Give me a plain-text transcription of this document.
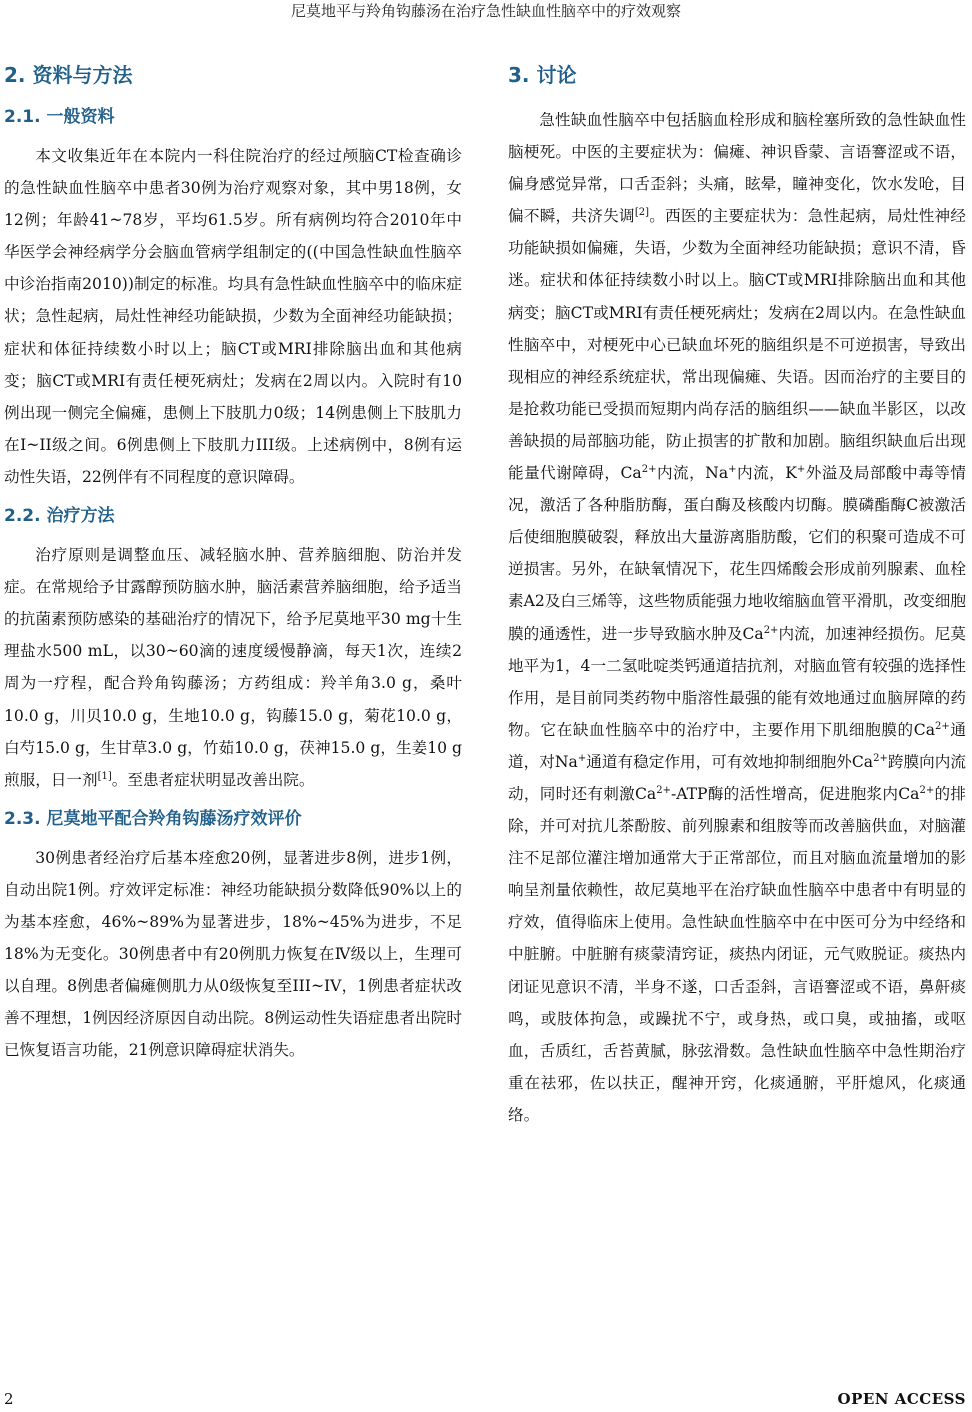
尼莫地平与羚角钩藤汤在治疗急性缺血性脑卒中的疗效观察
2. 资料与方法
2.1. 一般资料

本文收集近年在本院内一科住院治疗的经过颅脑CT检查确诊的急性缺血性脑卒中患者30例为治疗观察对象，其中男18例，女12例；年龄41~78岁，平均61.5岁。所有病例均符合2010年中华医学会神经病学分会脑血管病学组制定的((中国急性缺血性脑卒中诊治指南2010))制定的标准。均具有急性缺血性脑卒中的临床症状；急性起病，局灶性神经功能缺损，少数为全面神经功能缺损；症状和体征持续数小时以上；脑CT或MRI排除脑出血和其他病变；脑CT或MRI有责任梗死病灶；发病在2周以内。入院时有10例出现一侧完全偏瘫，患侧上下肢肌力0级；14例患侧上下肢肌力在I~II级之间。6例患侧上下肢肌力III级。上述病例中，8例有运动性失语，22例伴有不同程度的意识障碍。

2.2. 治疗方法

治疗原则是调整血压、减轻脑水肿、营养脑细胞、防治并发症。在常规给予甘露醇预防脑水肿，脑活素营养脑细胞，给予适当的抗菌素预防感染的基础治疗的情况下，给予尼莫地平30 mg十生理盐水500 mL，以30~60滴的速度缓慢静滴，每天1次，连续2周为一疗程，配合羚角钩藤汤；方药组成：羚羊角3.0 g，桑叶10.0 g，川贝10.0 g，生地10.0 g，钩藤15.0 g，菊花10.0 g，白芍15.0 g，生甘草3.0 g，竹茹10.0 g，茯神15.0 g，生姜10 g煎服，日一剂[1]。至患者症状明显改善出院。

2.3. 尼莫地平配合羚角钩藤汤疗效评价

30例患者经治疗后基本痊愈20例，显著进步8例，进步1例，自动出院1例。疗效评定标准：神经功能缺损分数降低90%以上的为基本痊愈，46%~89%为显著进步，18%~45%为进步，不足18%为无变化。30例患者中有20例肌力恢复在Ⅳ级以上，生理可以自理。8例患者偏瘫侧肌力从0级恢复至III~IV，1例患者症状改善不理想，1例因经济原因自动出院。8例运动性失语症患者出院时已恢复语言功能，21例意识障碍症状消失。

3. 讨论

急性缺血性脑卒中包括脑血栓形成和脑栓塞所致的急性缺血性脑梗死。中医的主要症状为：偏瘫、神识昏蒙、言语謇涩或不语，偏身感觉异常，口舌歪斜；头痛，眩晕，瞳神变化，饮水发呛，目偏不瞬，共济失调[2]。西医的主要症状为：急性起病，局灶性神经功能缺损如偏瘫，失语，少数为全面神经功能缺损；意识不清，昏迷。症状和体征持续数小时以上。脑CT或MRI排除脑出血和其他病变；脑CT或MRI有责任梗死病灶；发病在2周以内。在急性缺血性脑卒中，对梗死中心已缺血坏死的脑组织是不可逆损害，导致出现相应的神经系统症状，常出现偏瘫、失语。因而治疗的主要目的是抢救功能已受损而短期内尚存活的脑组织——缺血半影区，以改善缺损的局部脑功能，防止损害的扩散和加剧。脑组织缺血后出现能量代谢障碍，$Ca^{2+}$内流，Na+内流，K+外溢及局部酸中毒等情况，激活了各种脂肪酶，蛋白酶及核酸内切酶。膜磷酯酶C被激活后使细胞膜破裂，释放出大量游离脂肪酸，它们的积聚可造成不可逆损害。另外，在缺氧情况下，花生四烯酸会形成前列腺素、血栓素A2及白三烯等，这些物质能强力地收缩脑血管平滑肌，改变细胞膜的通透性，进一步导致脑水肿及$Ca^{2+}$内流，加速神经损伤。尼莫地平为1，4一二氢吡啶类钙通道拮抗剂，对脑血管有较强的选择性作用，是目前同类药物中脂溶性最强的能有效地通过血脑屏障的药物。它在缺血性脑卒中的治疗中，主要作用下肌细胞膜的$Ca^{2+}$通道，对Na+通道有稳定作用，可有效地抑制细胞外$Ca^{2+}$跨膜向内流动，同时还有刺激$Ca^{2+}$-ATP酶的活性增高，促进胞浆内$Ca^{2+}$的排除，并可对抗儿茶酚胺、前列腺素和组胺等而改善脑供血，对脑灌注不足部位灌注增加通常大于正常部位，而且对脑血流量增加的影响呈剂量依赖性，故尼莫地平在治疗缺血性脑卒中患者中有明显的疗效，值得临床上使用。急性缺血性脑卒中在中医可分为中经络和中脏腑。中脏腑有痰蒙清窍证，痰热内闭证，元气败脱证。痰热内闭证见意识不清，半身不遂，口舌歪斜，言语謇涩或不语，鼻鼾痰鸣，或肢体拘急，或躁扰不宁，或身热，或口臭，或抽搐，或呕血，舌质红，舌苔黄腻，脉弦滑数。急性缺血性脑卒中急性期治疗重在祛邪，佐以扶正，醒神开窍，化痰通腑，平肝熄风，化痰通络。

2	OPEN ACCESS
